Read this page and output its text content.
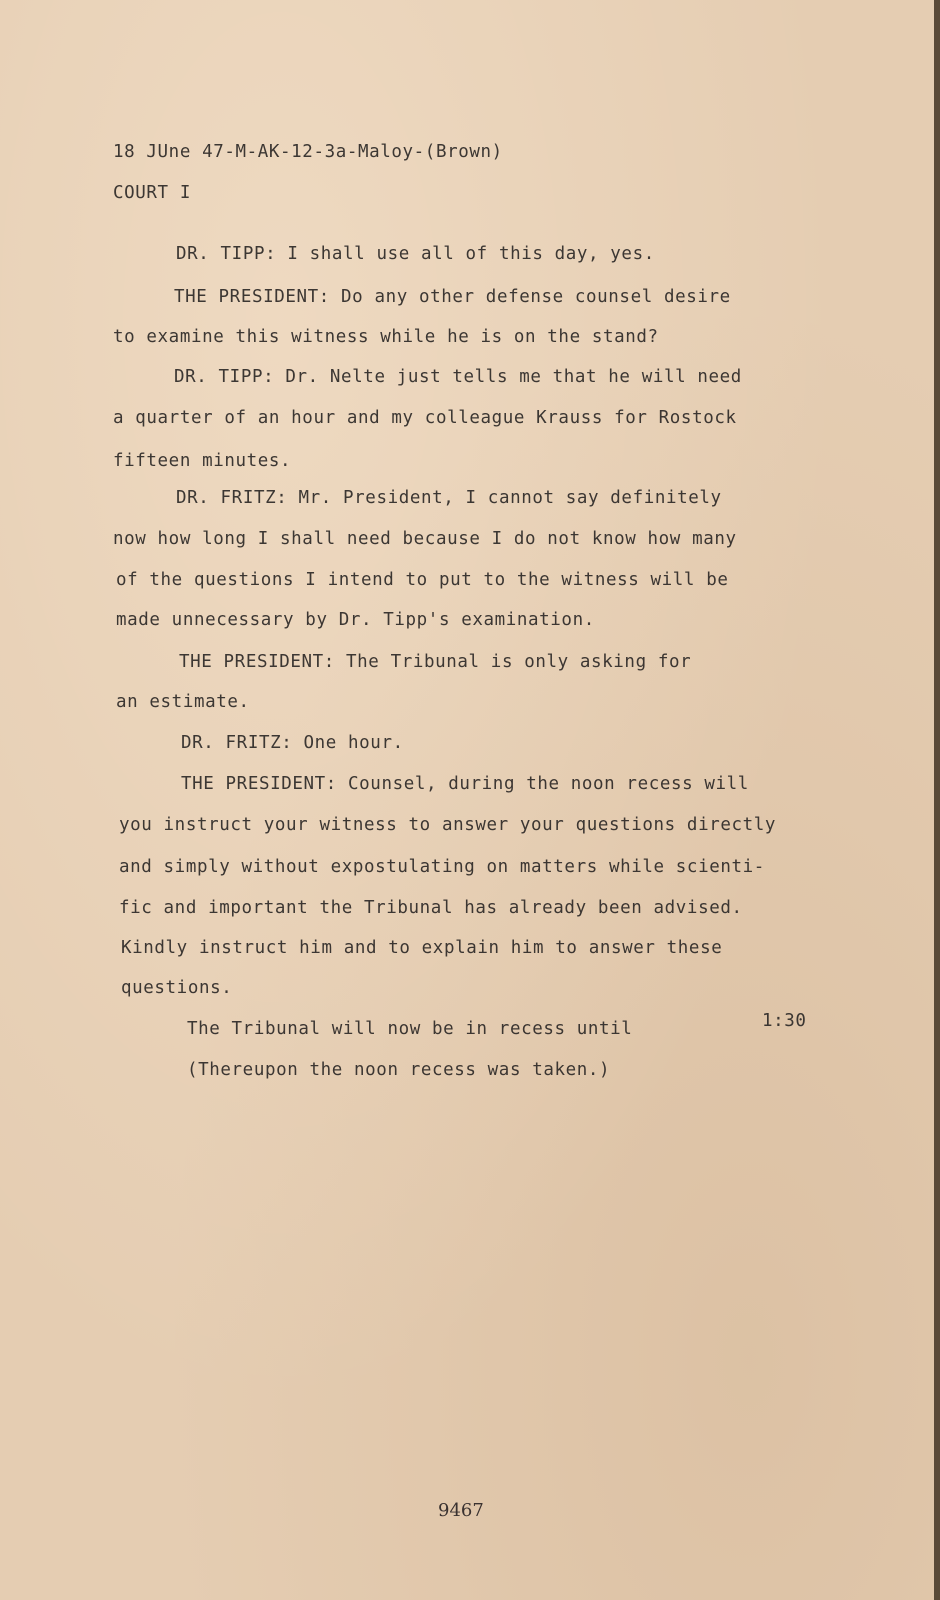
18 JUne 47-M-AK-12-3a-Maloy-(Brown)
COURT I
DR. TIPP: I shall use all of this day, yes.
THE PRESIDENT: Do any other defense counsel desire
to examine this witness while he is on the stand?
DR. TIPP: Dr. Nelte just tells me that he will need
a quarter of an hour and my colleague Krauss for Rostock
fifteen minutes.
DR. FRITZ: Mr. President, I cannot say definitely
now how long I shall need because I do not know how many
of the questions I intend to put to the witness will be
made unnecessary by Dr. Tipp's examination.
THE PRESIDENT: The Tribunal is only asking for
an estimate.
DR. FRITZ: One hour.
THE PRESIDENT: Counsel, during the noon recess will
you instruct your witness to answer your questions directly
and simply without expostulating on matters while scienti-
fic and important the Tribunal has already been advised.
Kindly instruct him and to explain him to answer these
questions.
The Tribunal will now be in recess until	1:30
(Thereupon the noon recess was taken.)
9467
